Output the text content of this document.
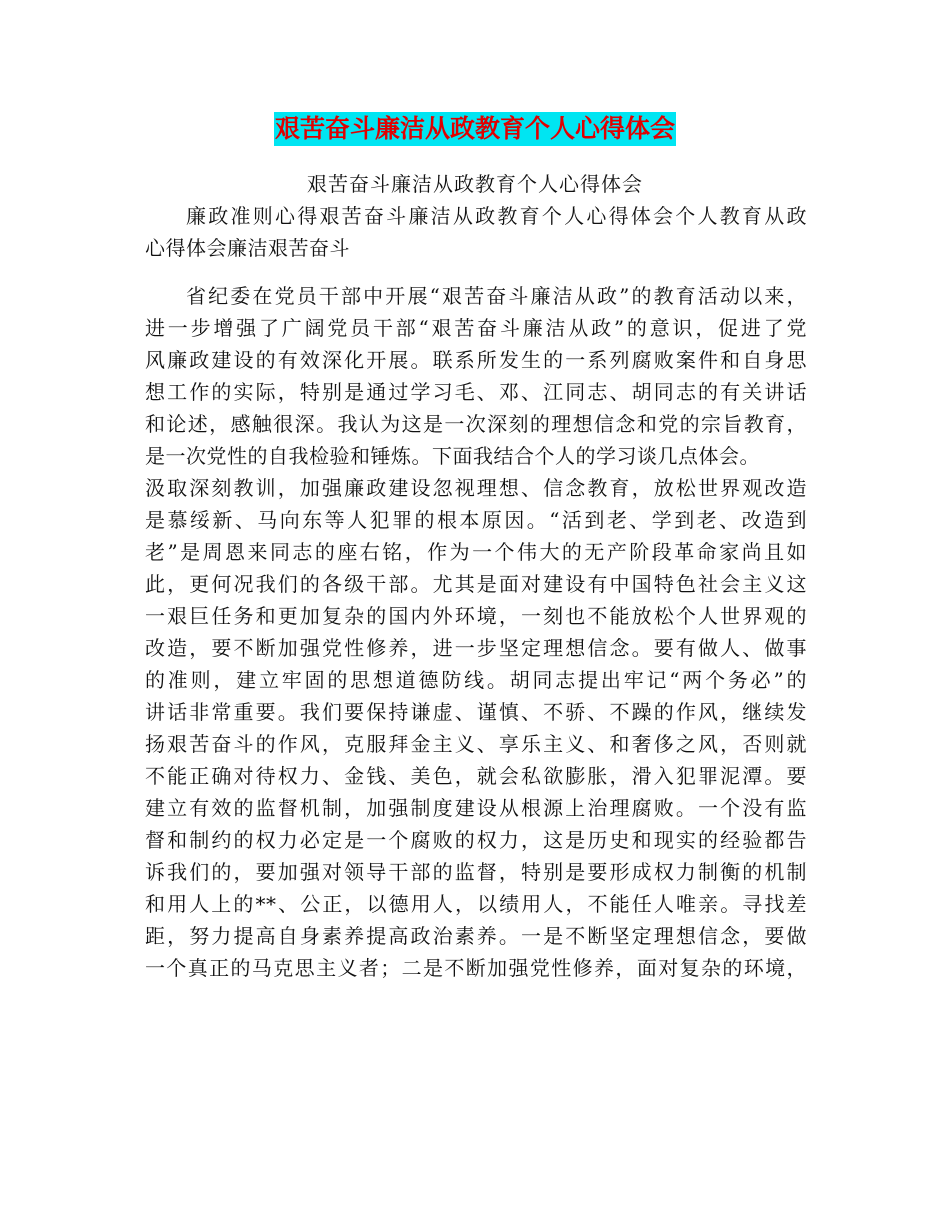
艰苦奋斗廉洁从政教育个人心得体会
艰苦奋斗廉洁从政教育个人心得体会
廉政准则心得艰苦奋斗廉洁从政教育个人心得体会个人教育从政
心得体会廉洁艰苦奋斗
省纪委在党员干部中开展“艰苦奋斗廉洁从政”的教育活动以来，
进一步增强了广阔党员干部“艰苦奋斗廉洁从政”的意识，促进了党
风廉政建设的有效深化开展。联系所发生的一系列腐败案件和自身思
想工作的实际，特别是通过学习毛、邓、江同志、胡同志的有关讲话
和论述，感触很深。我认为这是一次深刻的理想信念和党的宗旨教育，
是一次党性的自我检验和锤炼。下面我结合个人的学习谈几点体会。
汲取深刻教训，加强廉政建设忽视理想、信念教育，放松世界观改造
是慕绥新、马向东等人犯罪的根本原因。“活到老、学到老、改造到
老”是周恩来同志的座右铭，作为一个伟大的无产阶段革命家尚且如
此，更何况我们的各级干部。尤其是面对建设有中国特色社会主义这
一艰巨任务和更加复杂的国内外环境，一刻也不能放松个人世界观的
改造，要不断加强党性修养，进一步坚定理想信念。要有做人、做事
的准则，建立牢固的思想道德防线。胡同志提出牢记“两个务必”的
讲话非常重要。我们要保持谦虚、谨慎、不骄、不躁的作风，继续发
扬艰苦奋斗的作风，克服拜金主义、享乐主义、和奢侈之风，否则就
不能正确对待权力、金钱、美色，就会私欲膨胀，滑入犯罪泥潭。要
建立有效的监督机制，加强制度建设从根源上治理腐败。一个没有监
督和制约的权力必定是一个腐败的权力，这是历史和现实的经验都告
诉我们的，要加强对领导干部的监督，特别是要形成权力制衡的机制
和用人上的**、公正，以德用人，以绩用人，不能任人唯亲。寻找差
距，努力提高自身素养提高政治素养。一是不断坚定理想信念，要做
一个真正的马克思主义者；二是不断加强党性修养，面对复杂的环境，
